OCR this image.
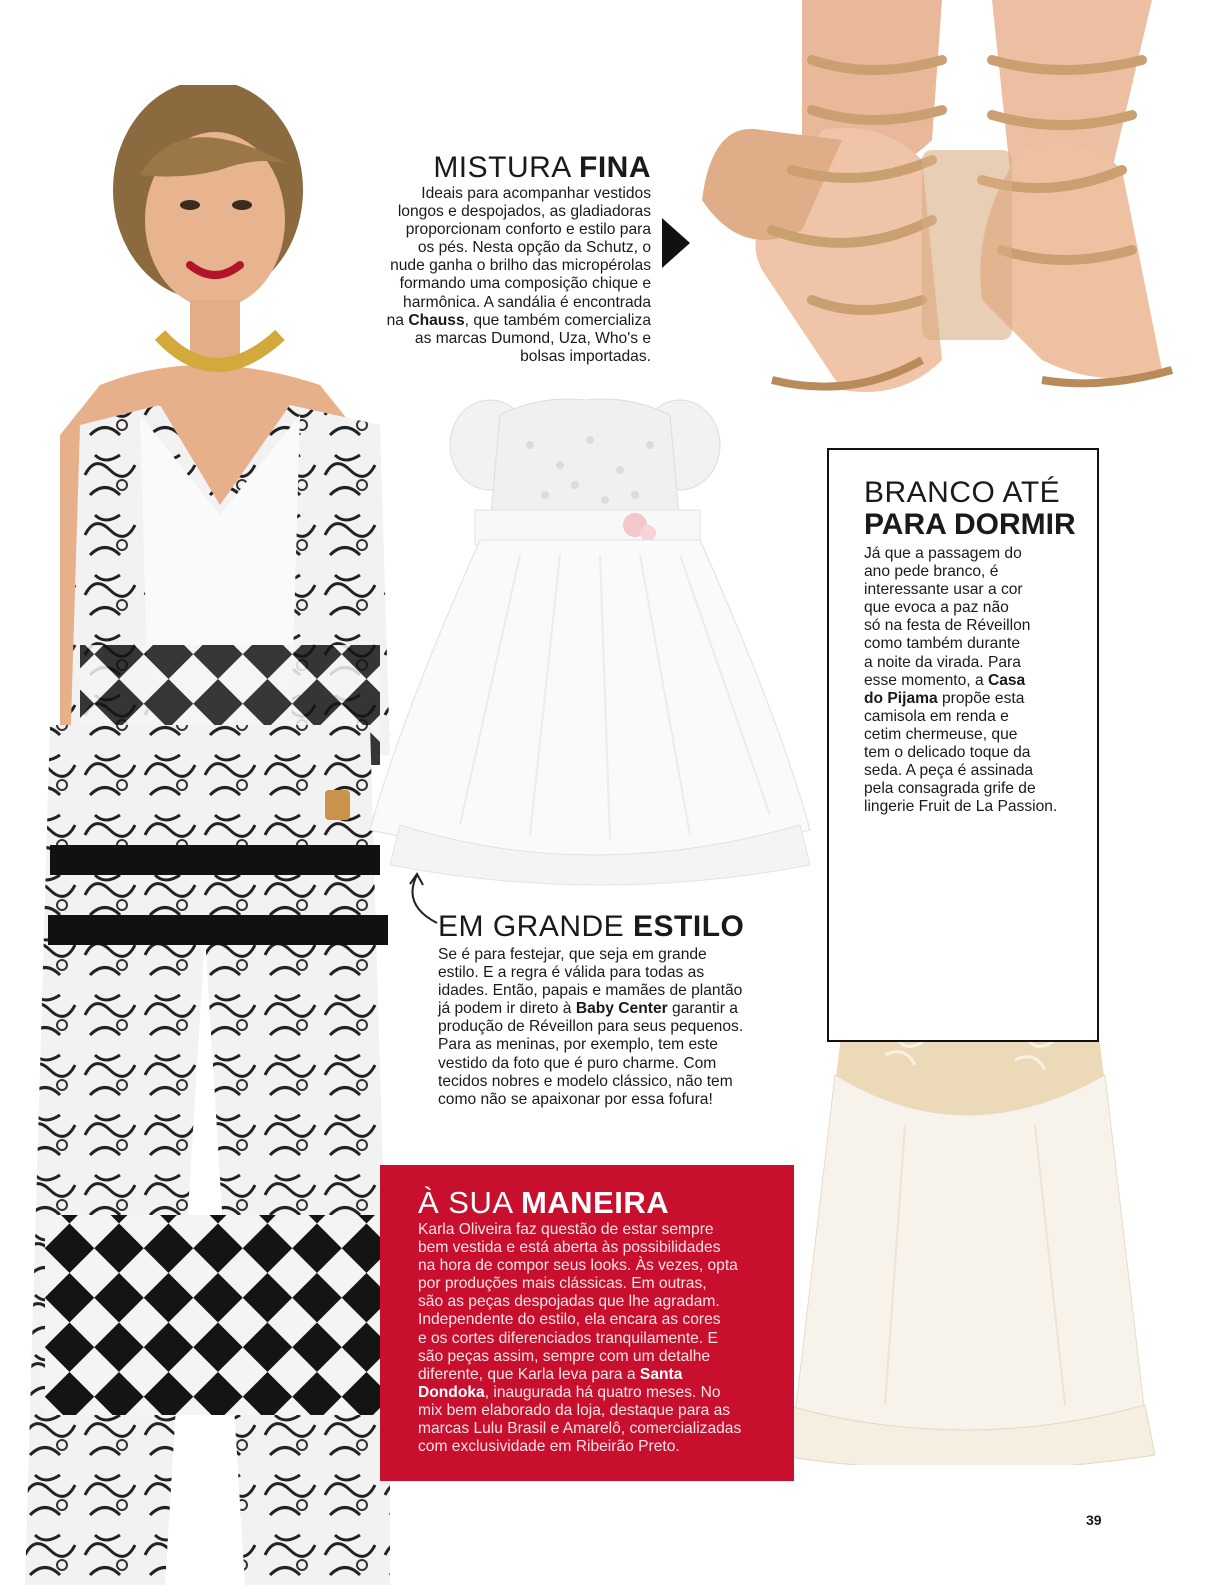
MISTURA FINA
Ideais para acompanhar vestidos
longos e despojados, as gladiadoras
proporcionam conforto e estilo para
os pés. Nesta opção da Schutz, o
nude ganha o brilho das micropérolas
formando uma composição chique e
harmônica. A sandália é encontrada
na Chauss, que também comercializa
as marcas Dumond, Uza, Who's e
bolsas importadas.
BRANCO ATÉ
PARA DORMIR
Já que a passagem do
ano pede branco, é
interessante usar a cor
que evoca a paz não
só na festa de Réveillon
como também durante
a noite da virada. Para
esse momento, a Casa
do Pijama propõe esta
camisola em renda e
cetim chermeuse, que
tem o delicado toque da
seda. A peça é assinada
pela consagrada grife de
lingerie Fruit de La Passion.
EM GRANDE ESTILO
Se é para festejar, que seja em grande
estilo. E a regra é válida para todas as
idades. Então, papais e mamães de plantão
já podem ir direto à Baby Center garantir a
produção de Réveillon para seus pequenos.
Para as meninas, por exemplo, tem este
vestido da foto que é puro charme. Com
tecidos nobres e modelo clássico, não tem
como não se apaixonar por essa fofura!
À SUA MANEIRA
Karla Oliveira faz questão de estar sempre
bem vestida e está aberta às possibilidades
na hora de compor seus looks. Às vezes, opta
por produções mais clássicas. Em outras,
são as peças despojadas que lhe agradam.
Independente do estilo, ela encara as cores
e os cortes diferenciados tranquilamente. E
são peças assim, sempre com um detalhe
diferente, que Karla leva para a Santa
Dondoka, inaugurada há quatro meses. No
mix bem elaborado da loja, destaque para as
marcas Lulu Brasil e Amarelô, comercializadas
com exclusividade em Ribeirão Preto.
39
